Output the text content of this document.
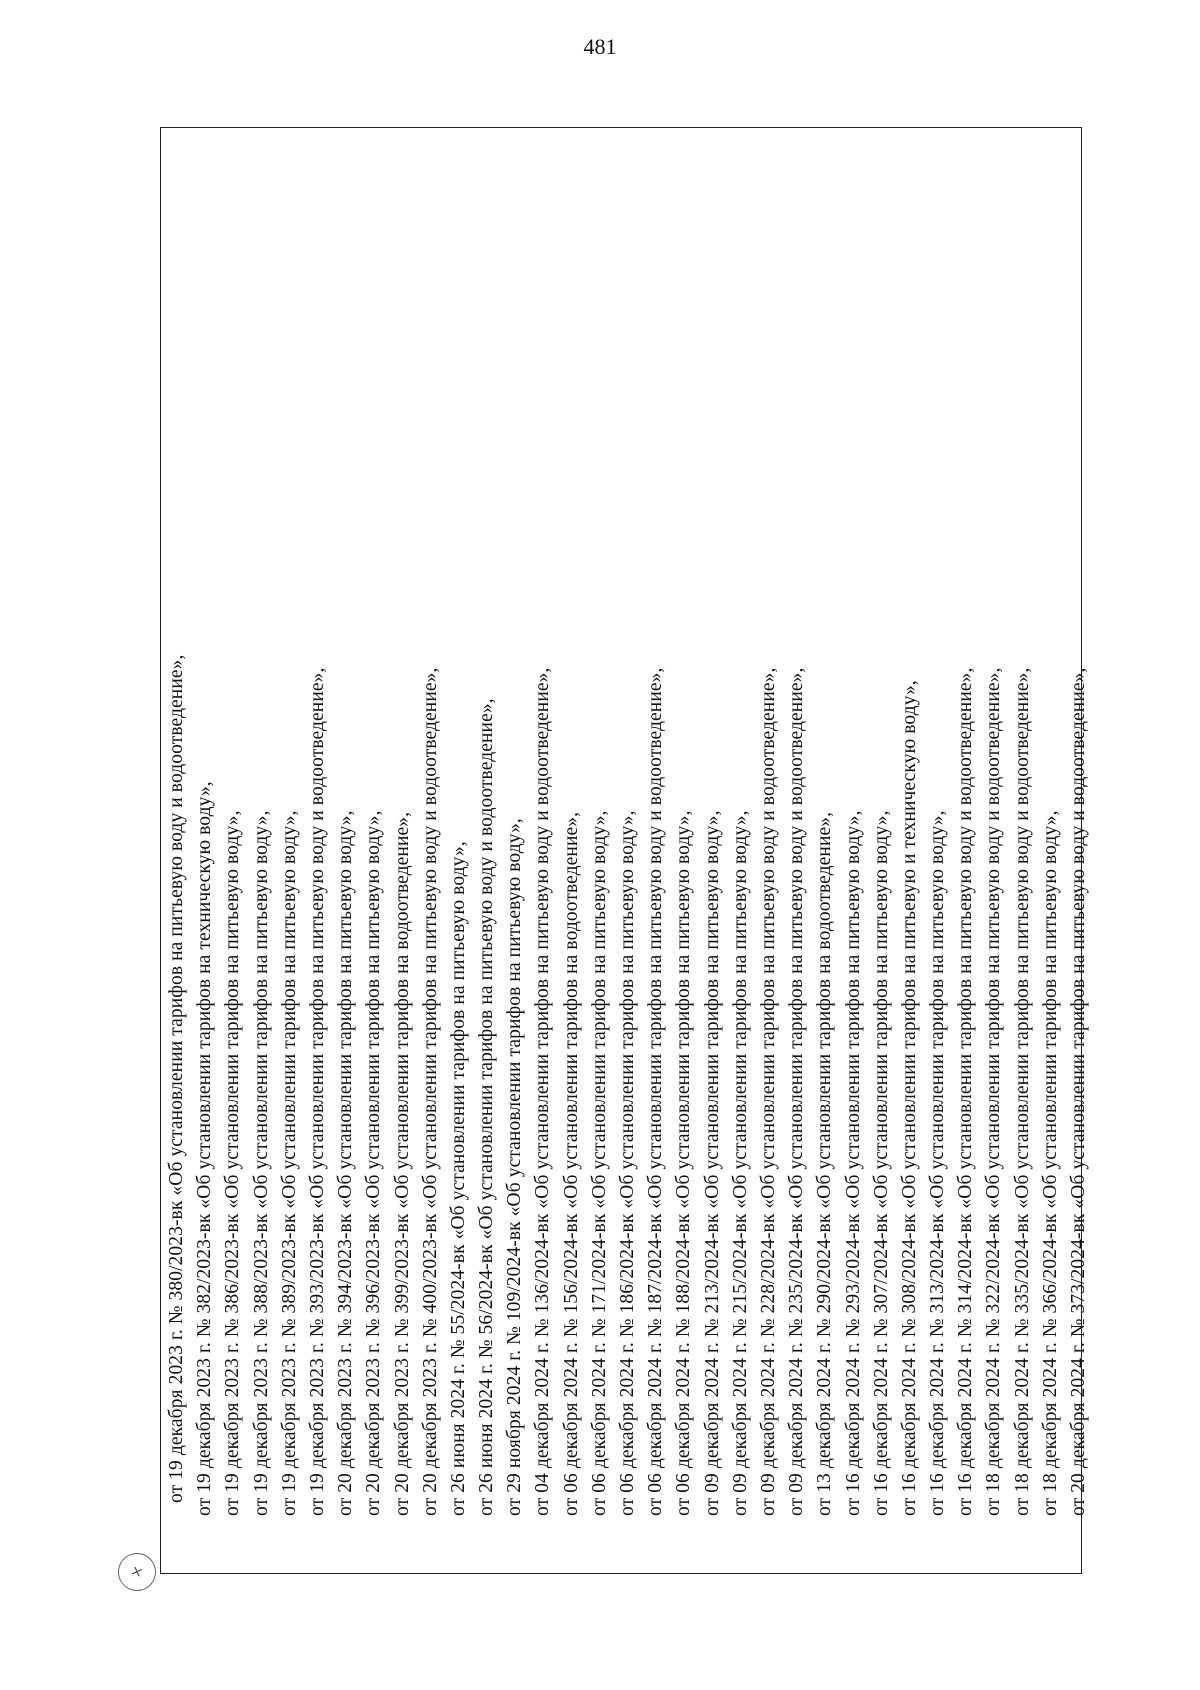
481
от 19 декабря 2023 г. № 380/2023-вк «Об установлении тарифов на питьевую воду и водоотведение», от 19 декабря 2023 г. № 382/2023-вк «Об установлении тарифов на техническую воду», от 19 декабря 2023 г. № 386/2023-вк «Об установлении тарифов на питьевую воду», от 19 декабря 2023 г. № 388/2023-вк «Об установлении тарифов на питьевую воду», от 19 декабря 2023 г. № 389/2023-вк «Об установлении тарифов на питьевую воду», от 19 декабря 2023 г. № 393/2023-вк «Об установлении тарифов на питьевую воду и водоотведение», от 20 декабря 2023 г. № 394/2023-вк «Об установлении тарифов на питьевую воду», от 20 декабря 2023 г. № 396/2023-вк «Об установлении тарифов на питьевую воду», от 20 декабря 2023 г. № 399/2023-вк «Об установлении тарифов на водоотведение», от 20 декабря 2023 г. № 400/2023-вк «Об установлении тарифов на питьевую воду и водоотведение», от 26 июня 2024 г. № 55/2024-вк «Об установлении тарифов на питьевую воду», от 26 июня 2024 г. № 56/2024-вк «Об установлении тарифов на питьевую воду и водоотведение», от 29 ноября 2024 г. № 109/2024-вк «Об установлении тарифов на питьевую воду», от 04 декабря 2024 г. № 136/2024-вк «Об установлении тарифов на питьевую воду и водоотведение», от 06 декабря 2024 г. № 156/2024-вк «Об установлении тарифов на водоотведение», от 06 декабря 2024 г. № 171/2024-вк «Об установлении тарифов на питьевую воду», от 06 декабря 2024 г. № 186/2024-вк «Об установлении тарифов на питьевую воду», от 06 декабря 2024 г. № 187/2024-вк «Об установлении тарифов на питьевую воду и водоотведение», от 06 декабря 2024 г. № 188/2024-вк «Об установлении тарифов на питьевую воду», от 09 декабря 2024 г. № 213/2024-вк «Об установлении тарифов на питьевую воду», от 09 декабря 2024 г. № 215/2024-вк «Об установлении тарифов на питьевую воду», от 09 декабря 2024 г. № 228/2024-вк «Об установлении тарифов на питьевую воду и водоотведение», от 09 декабря 2024 г. № 235/2024-вк «Об установлении тарифов на питьевую воду и водоотведение», от 13 декабря 2024 г. № 290/2024-вк «Об установлении тарифов на водоотведение», от 16 декабря 2024 г. № 293/2024-вк «Об установлении тарифов на питьевую воду», от 16 декабря 2024 г. № 307/2024-вк «Об установлении тарифов на питьевую воду», от 16 декабря 2024 г. № 308/2024-вк «Об установлении тарифов на питьевую и техническую воду», от 16 декабря 2024 г. № 313/2024-вк «Об установлении тарифов на питьевую воду», от 16 декабря 2024 г. № 314/2024-вк «Об установлении тарифов на питьевую воду и водоотведение», от 18 декабря 2024 г. № 322/2024-вк «Об установлении тарифов на питьевую воду и водоотведение», от 18 декабря 2024 г. № 335/2024-вк «Об установлении тарифов на питьевую воду и водоотведение», от 18 декабря 2024 г. № 366/2024-вк «Об установлении тарифов на питьевую воду», от 20 декабря 2024 г. № 373/2024-вк «Об установлении тарифов на питьевую воду и водоотведение»,
+
